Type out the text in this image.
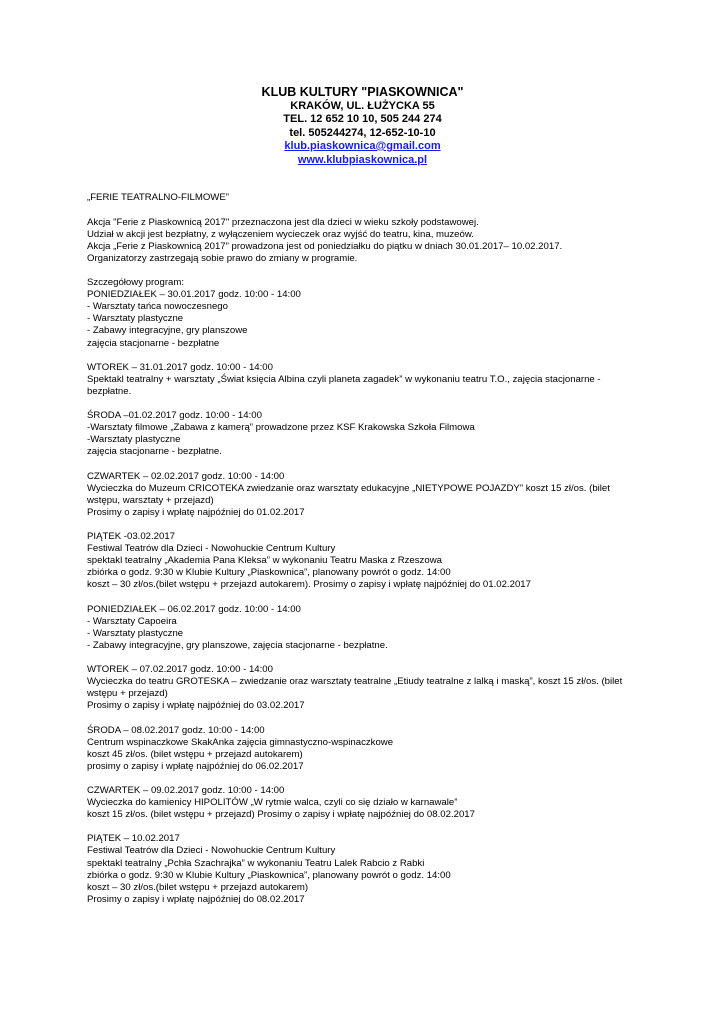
KLUB KULTURY "PIASKOWNICA"
KRAKÓW, UL. ŁUŻYCKA 55
TEL. 12 652 10 10, 505 244 274
tel. 505244274, 12-652-10-10
klub.piaskownica@gmail.com
www.klubpiaskownica.pl

„FERIE TEATRALNO-FILMOWE”

Akcja "Ferie z Piaskownicą 2017" przeznaczona jest dla dzieci w wieku szkoły podstawowej.
Udział w akcji jest bezpłatny, z wyłączeniem wycieczek oraz wyjść do teatru, kina, muzeów.
Akcja „Ferie z Piaskownicą 2017” prowadzona jest od poniedziałku do piątku w dniach 30.01.2017– 10.02.2017.
Organizatorzy zastrzegają sobie prawo do zmiany w programie.

Szczegółowy program:
PONIEDZIAŁEK – 30.01.2017 godz. 10:00 - 14:00
- Warsztaty tańca nowoczesnego
- Warsztaty plastyczne
- Zabawy integracyjne, gry planszowe
zajęcia stacjonarne - bezpłatne

WTOREK – 31.01.2017 godz. 10:00 - 14:00
Spektakl teatralny + warsztaty „Świat księcia Albina czyli planeta zagadek” w wykonaniu teatru T.O., zajęcia stacjonarne -
bezpłatne.

ŚRODA –01.02.2017 godz. 10:00 - 14:00
-Warsztaty filmowe „Zabawa z kamerą” prowadzone przez KSF Krakowska Szkoła Filmowa
-Warsztaty plastyczne
zajęcia stacjonarne - bezpłatne.

CZWARTEK – 02.02.2017 godz. 10:00 - 14:00
Wycieczka do Muzeum CRICOTEKA zwiedzanie oraz warsztaty edukacyjne „NIETYPOWE POJAZDY” koszt 15 zł/os. (bilet
wstępu, warsztaty + przejazd)
Prosimy o zapisy i wpłatę najpóźniej do 01.02.2017

PIĄTEK -03.02.2017
Festiwal Teatrów dla Dzieci - Nowohuckie Centrum Kultury
spektakl teatralny „Akademia Pana Kleksa” w wykonaniu Teatru Maska z Rzeszowa
zbiórka o godz. 9:30 w Klubie Kultury „Piaskownica”, planowany powrót o godz. 14:00
koszt – 30 zł/os.(bilet wstępu + przejazd autokarem). Prosimy o zapisy i wpłatę najpóźniej do 01.02.2017

PONIEDZIAŁEK – 06.02.2017 godz. 10:00 - 14:00
- Warsztaty Capoeira
- Warsztaty plastyczne
- Zabawy integracyjne, gry planszowe, zajęcia stacjonarne - bezpłatne.

WTOREK – 07.02.2017 godz. 10:00 - 14:00
Wycieczka do teatru GROTESKA – zwiedzanie oraz warsztaty teatralne „Etiudy teatralne z lalką i maską”, koszt 15 zł/os. (bilet
wstępu + przejazd)
Prosimy o zapisy i wpłatę najpóźniej do 03.02.2017

ŚRODA – 08.02.2017 godz. 10:00 - 14:00
Centrum wspinaczkowe SkakAnka zajęcia gimnastyczno-wspinaczkowe
koszt 45 zł/os. (bilet wstępu + przejazd autokarem)
prosimy o zapisy i wpłatę najpóźniej do 06.02.2017

CZWARTEK – 09.02.2017 godz. 10:00 - 14:00
Wycieczka do kamienicy HIPOLITÓW „W rytmie walca, czyli co się działo w karnawale”
koszt 15 zł/os. (bilet wstępu + przejazd) Prosimy o zapisy i wpłatę najpóźniej do 08.02.2017

PIĄTEK – 10.02.2017
Festiwal Teatrów dla Dzieci - Nowohuckie Centrum Kultury
spektakl teatralny „Pchła Szachrajka” w wykonaniu Teatru Lalek Rabcio z Rabki
zbiórka o godz. 9:30 w Klubie Kultury „Piaskownica”, planowany powrót o godz. 14:00
koszt – 30 zł/os.(bilet wstępu + przejazd autokarem)
Prosimy o zapisy i wpłatę najpóźniej do 08.02.2017
